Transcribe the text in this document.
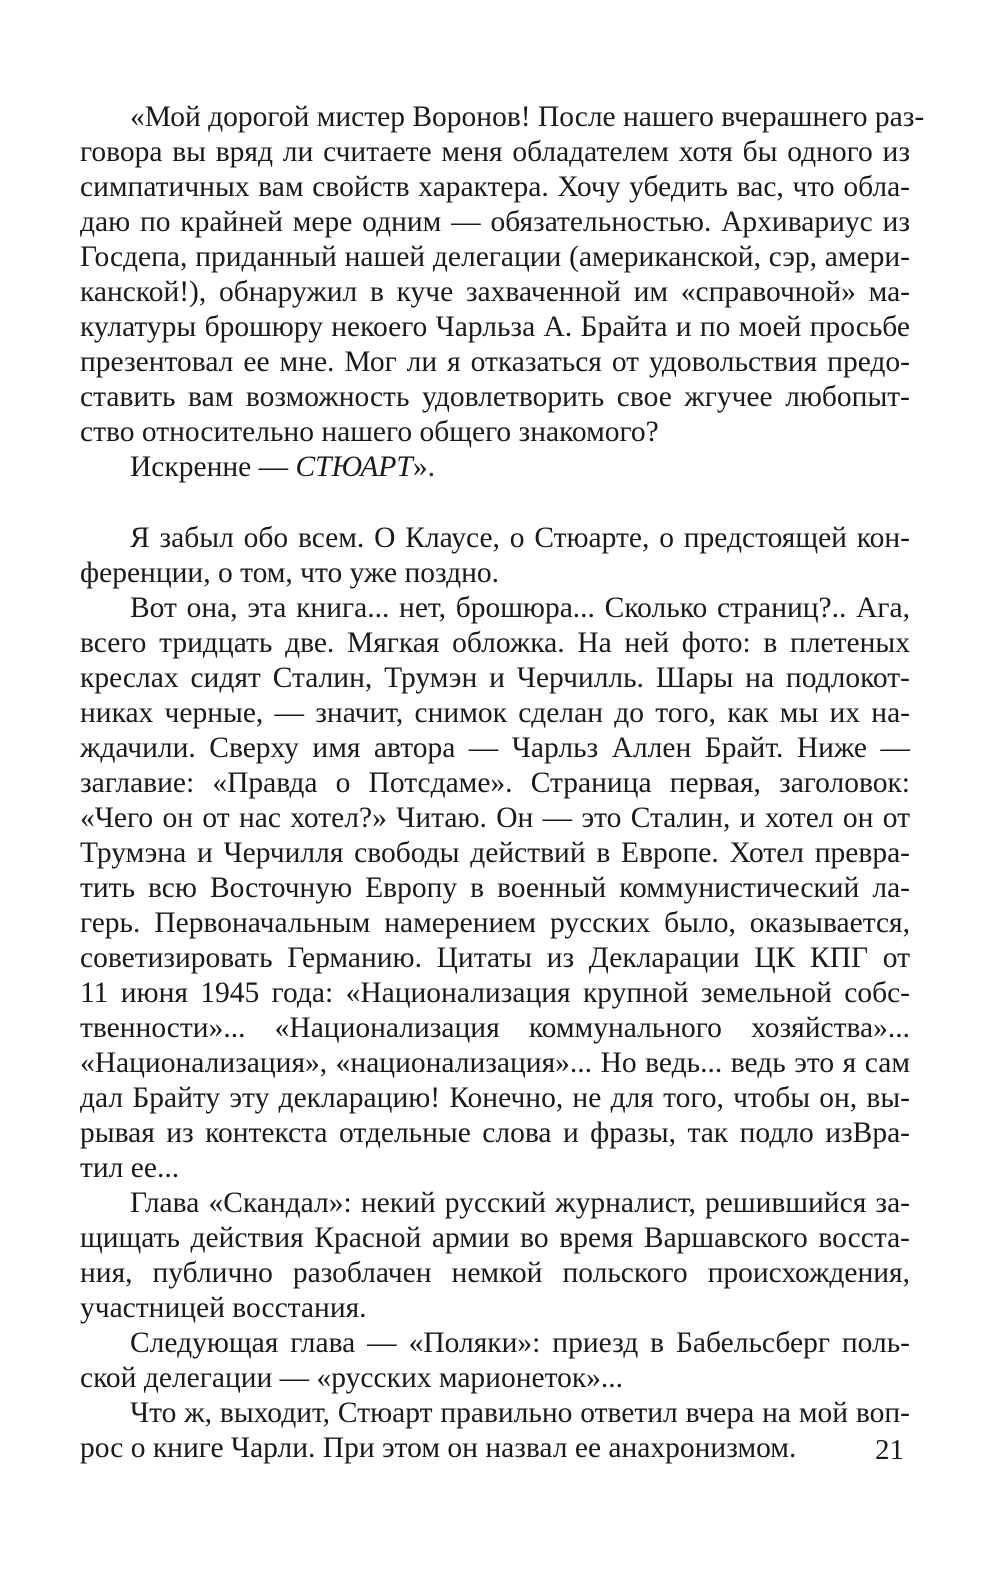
«Мой дорогой мистер Воронов! После нашего вчерашнего раз-
говора вы вряд ли считаете меня обладателем хотя бы одного из
симпатичных вам свойств характера. Хочу убедить вас, что обла-
даю по крайней мере одним — обязательностью. Архивариус из
Госдепа, приданный нашей делегации (американской, сэр, амери-
канской!), обнаружил в куче захваченной им «справочной» ма-
кулатуры брошюру некоего Чарльза А. Брайта и по моей просьбе
презентовал ее мне. Мог ли я отказаться от удовольствия предо-
ставить вам возможность удовлетворить свое жгучее любопыт-
ство относительно нашего общего знакомого?
Искренне — СТЮАРТ».
Я забыл обо всем. О Клаусе, о Стюарте, о предстоящей кон-
ференции, о том, что уже поздно.
Вот она, эта книга... нет, брошюра... Сколько страниц?.. Ага,
всего тридцать две. Мягкая обложка. На ней фото: в плетеных
креслах сидят Сталин, Трумэн и Черчилль. Шары на подлокот-
никах черные, — значит, снимок сделан до того, как мы их на-
ждачили. Сверху имя автора — Чарльз Аллен Брайт. Ниже —
заглавие: «Правда о Потсдаме». Страница первая, заголовок:
«Чего он от нас хотел?» Читаю. Он — это Сталин, и хотел он от
Трумэна и Черчилля свободы действий в Европе. Хотел превра-
тить всю Восточную Европу в военный коммунистический ла-
герь. Первоначальным намерением русских было, оказывается,
советизировать Германию. Цитаты из Декларации ЦК КПГ от
11 июня 1945 года: «Национализация крупной земельной собс-
твенности»... «Национализация коммунального хозяйства»...
«Национализация», «национализация»... Но ведь... ведь это я сам
дал Брайту эту декларацию! Конечно, не для того, чтобы он, вы-
рывая из контекста отдельные слова и фразы, так подло изВра-
тил ее...
Глава «Скандал»: некий русский журналист, решившийся за-
щищать действия Красной армии во время Варшавского восста-
ния, публично разоблачен немкой польского происхождения,
участницей восстания.
Следующая глава — «Поляки»: приезд в Бабельсберг поль-
ской делегации — «русских марионеток»...
Что ж, выходит, Стюарт правильно ответил вчера на мой воп-
рос о книге Чарли. При этом он назвал ее анахронизмом.	21
